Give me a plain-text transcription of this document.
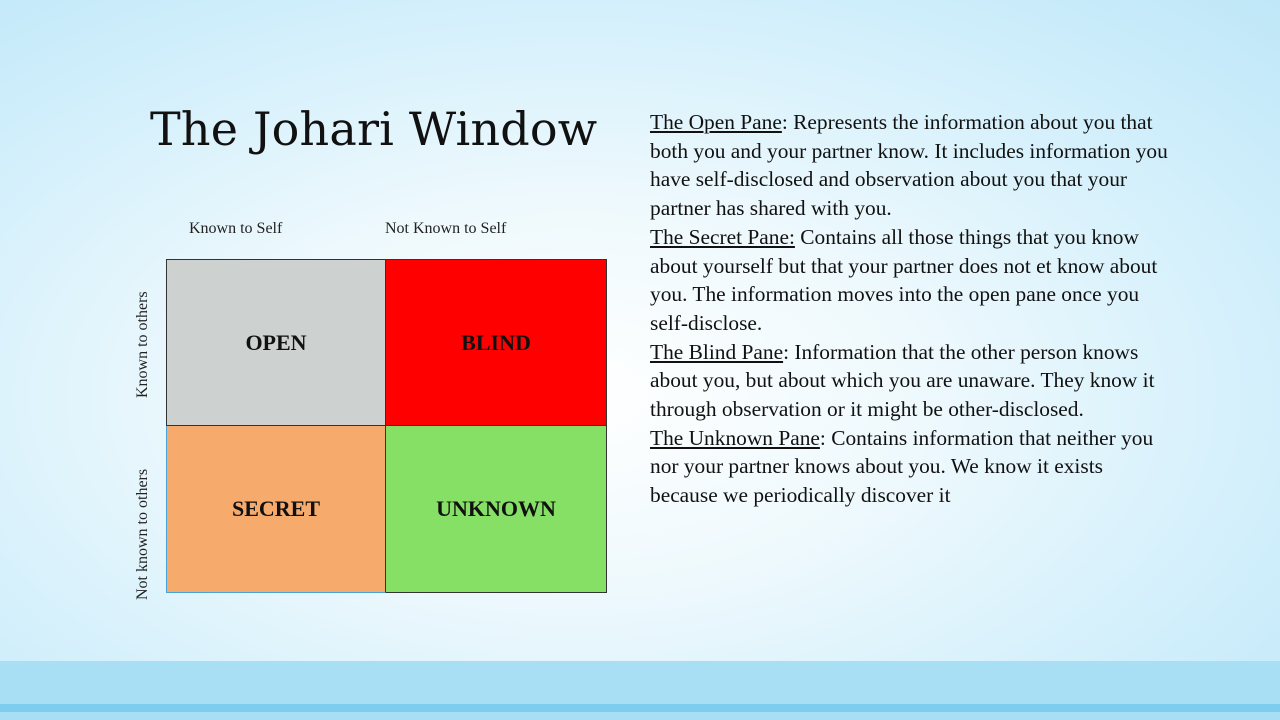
The Johari Window
Known to Self	Not Known to Self
Known to others
Not known to others
OPEN	BLIND
SECRET	UNKNOWN

The Open Pane: Represents the information about you that both you and your partner know. It includes information you have self-disclosed and observation about you that your partner has shared with you.

The Secret Pane: Contains all those things that you know about yourself but that your partner does not et know about you. The information moves into the open pane once you self-disclose.

The Blind Pane: Information that the other person knows about you, but about which you are unaware. They know it through observation or it might be other-disclosed.

The Unknown Pane: Contains information that neither you nor your partner knows about you. We know it exists because we periodically discover it
